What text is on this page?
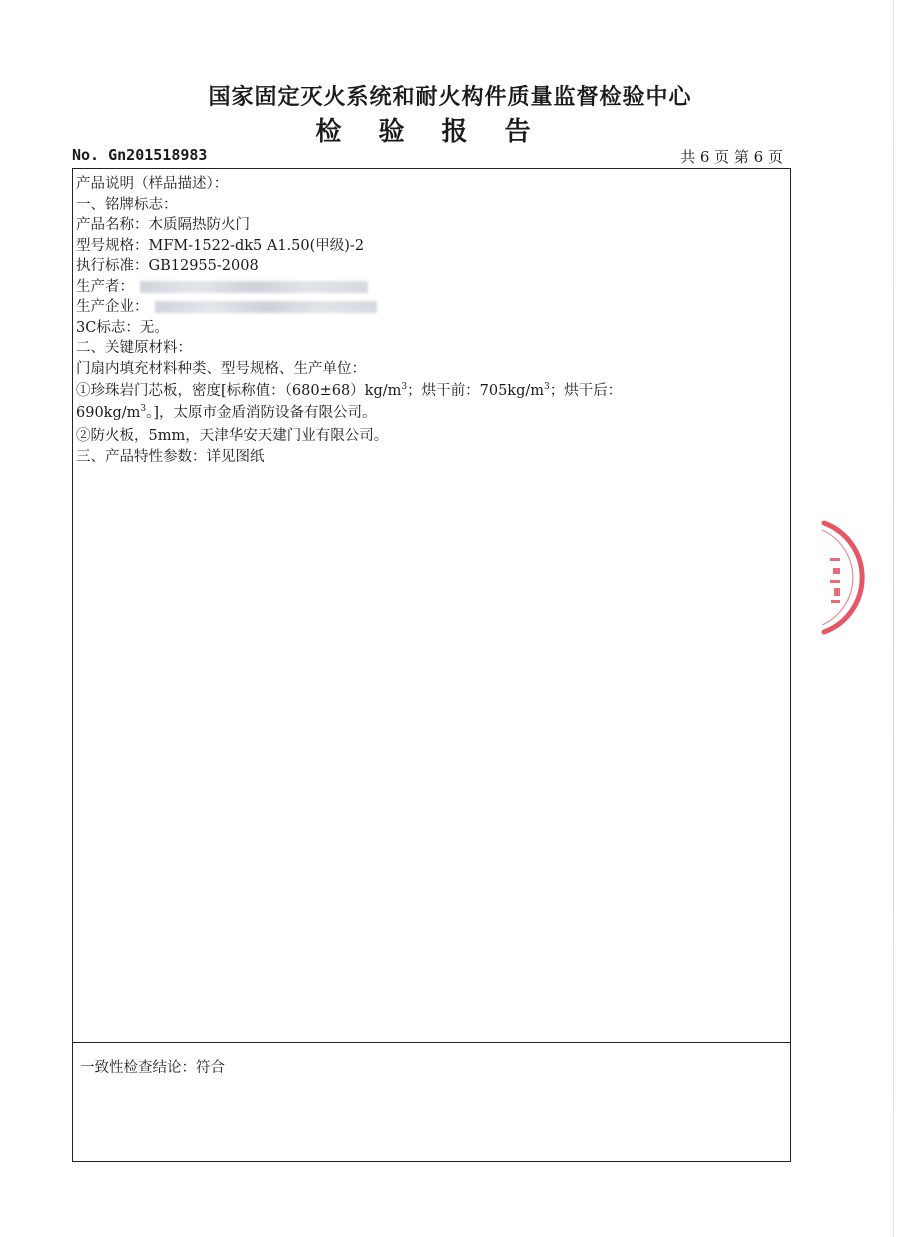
国家固定灭火系统和耐火构件质量监督检验中心
检 验 报 告
No. Gn201518983	共 6 页 第 6 页
产品说明（样品描述）：
一、铭牌标志：
产品名称：木质隔热防火门
型号规格：MFM-1522-dk5 A1.50(甲级)-2
执行标准：GB12955-2008
生产者：
生产企业：
3C标志：无。
二、关键原材料：
门扇内填充材料种类、型号规格、生产单位：
①珍珠岩门芯板，密度[标称值：$(680\pm 68)kg/m^3$；烘干前：$705kg/m^3$；烘干后：
$690kg/m^3$。]，太原市金盾消防设备有限公司。
②防火板，5mm，天津华安天建门业有限公司。
三、产品特性参数：详见图纸
一致性检查结论：符合
